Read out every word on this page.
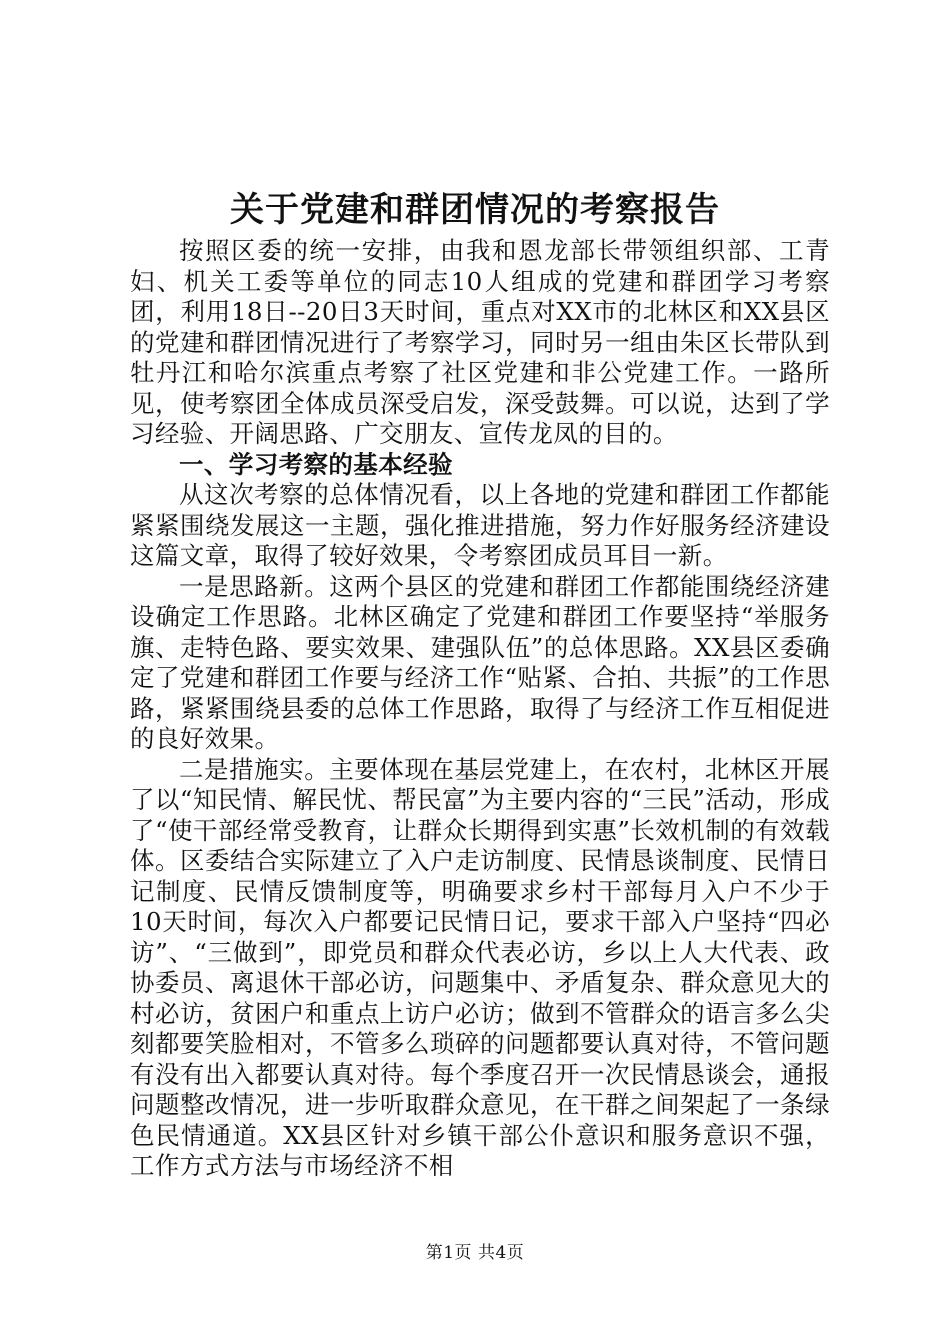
关于党建和群团情况的考察报告

按照区委的统一安排，由我和恩龙部长带领组织部、工青妇、机关工委等单位的同志10人组成的党建和群团学习考察团，利用18日--20日3天时间，重点对XX市的北林区和XX县区的党建和群团情况进行了考察学习，同时另一组由朱区长带队到牡丹江和哈尔滨重点考察了社区党建和非公党建工作。一路所见，使考察团全体成员深受启发，深受鼓舞。可以说，达到了学习经验、开阔思路、广交朋友、宣传龙凤的目的。

一、学习考察的基本经验

从这次考察的总体情况看，以上各地的党建和群团工作都能紧紧围绕发展这一主题，强化推进措施，努力作好服务经济建设这篇文章，取得了较好效果，令考察团成员耳目一新。

一是思路新。这两个县区的党建和群团工作都能围绕经济建设确定工作思路。北林区确定了党建和群团工作要坚持“举服务旗、走特色路、要实效果、建强队伍”的总体思路。XX县区委确定了党建和群团工作要与经济工作“贴紧、合拍、共振”的工作思路，紧紧围绕县委的总体工作思路，取得了与经济工作互相促进的良好效果。

二是措施实。主要体现在基层党建上，在农村，北林区开展了以“知民情、解民忧、帮民富”为主要内容的“三民”活动，形成了“使干部经常受教育，让群众长期得到实惠”长效机制的有效载体。区委结合实际建立了入户走访制度、民情恳谈制度、民情日记制度、民情反馈制度等，明确要求乡村干部每月入户不少于10天时间，每次入户都要记民情日记，要求干部入户坚持“四必访”、“三做到”，即党员和群众代表必访，乡以上人大代表、政协委员、离退休干部必访，问题集中、矛盾复杂、群众意见大的村必访，贫困户和重点上访户必访；做到不管群众的语言多么尖刻都要笑脸相对，不管多么琐碎的问题都要认真对待，不管问题有没有出入都要认真对待。每个季度召开一次民情恳谈会，通报问题整改情况，进一步听取群众意见，在干群之间架起了一条绿色民情通道。XX县区针对乡镇干部公仆意识和服务意识不强，工作方式方法与市场经济不相

第1页 共4页
